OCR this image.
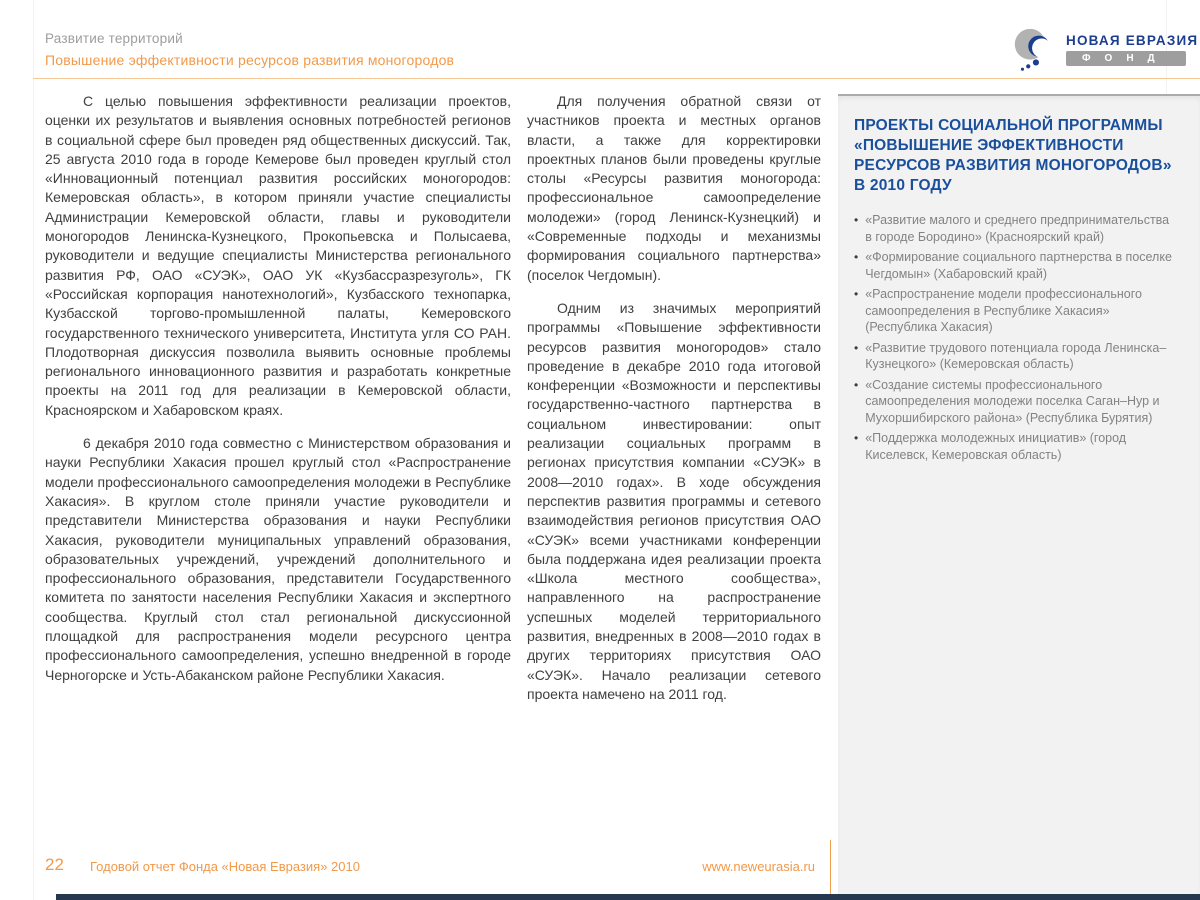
Развитие территорий
Повышение эффективности ресурсов развития моногородов
НОВАЯ ЕВРАЗИЯ
ФОНД

С целью повышения эффективности реализации проектов, оценки их результатов и выявления основных потребностей регионов в социальной сфере был проведен ряд общественных дискуссий. Так, 25 августа 2010 года в городе Кемерове был проведен круглый стол «Инновационный потенциал развития российских моногородов: Кемеровская область», в котором приняли участие специалисты Администрации Кемеровской области, главы и руководители моногородов Ленинска-Кузнецкого, Прокопьевска и Полысаева, руководители и ведущие специалисты Министерства регионального развития РФ, ОАО «СУЭК», ОАО УК «Кузбассразрезуголь», ГК «Российская корпорация нанотехнологий», Кузбасского технопарка, Кузбасской торгово-промышленной палаты, Кемеровского государственного технического университета, Института угля СО РАН. Плодотворная дискуссия позволила выявить основные проблемы регионального инновационного развития и разработать конкретные проекты на 2011 год для реализации в Кемеровской области, Красноярском и Хабаровском краях.

6 декабря 2010 года совместно с Министерством образования и науки Республики Хакасия прошел круглый стол «Распространение модели профессионального самоопределения молодежи в Республике Хакасия». В круглом столе приняли участие руководители и представители Министерства образования и науки Республики Хакасия, руководители муниципальных управлений образования, образовательных учреждений, учреждений дополнительного и профессионального образования, представители Государственного комитета по занятости населения Республики Хакасия и экспертного сообщества. Круглый стол стал региональной дискуссионной площадкой для распространения модели ресурсного центра профессионального самоопределения, успешно внедренной в городе Черногорске и Усть-Абаканском районе Республики Хакасия.

Для получения обратной связи от участников проекта и местных органов власти, а также для корректировки проектных планов были проведены круглые столы «Ресурсы развития моногорода: профессиональное самоопределение молодежи» (город Ленинск-Кузнецкий) и «Современные подходы и механизмы формирования социального партнерства» (поселок Чегдомын).

Одним из значимых мероприятий программы «Повышение эффективности ресурсов развития моногородов» стало проведение в декабре 2010 года итоговой конференции «Возможности и перспективы государственно-частного партнерства в социальном инвестировании: опыт реализации социальных программ в регионах присутствия компании «СУЭК» в 2008—2010 годах». В ходе обсуждения перспектив развития программы и сетевого взаимодействия регионов присутствия ОАО «СУЭК» всеми участниками конференции была поддержана идея реализации проекта «Школа местного сообщества», направленного на распространение успешных моделей территориального развития, внедренных в 2008—2010 годах в других территориях присутствия ОАО «СУЭК». Начало реализации сетевого проекта намечено на 2011 год.

ПРОЕКТЫ СОЦИАЛЬНОЙ ПРОГРАММЫ «ПОВЫШЕНИЕ ЭФФЕКТИВНОСТИ РЕСУРСОВ РАЗВИТИЯ МОНОГОРОДОВ» В 2010 ГОДУ
• «Развитие малого и среднего предпринимательства в городе Бородино» (Красноярский край)
• «Формирование социального партнерства в поселке Чегдомын» (Хабаровский край)
• «Распространение модели профессионального самоопределения в Республике Хакасия» (Республика Хакасия)
• «Развитие трудового потенциала города Ленинска–Кузнецкого» (Кемеровская область)
• «Создание системы профессионального самоопределения молодежи поселка Саган–Нур и Мухоршибирского района» (Республика Бурятия)
• «Поддержка молодежных инициатив» (город Киселевск, Кемеровская область)
22 Годовой отчет Фонда «Новая Евразия» 2010	www.neweurasia.ru
